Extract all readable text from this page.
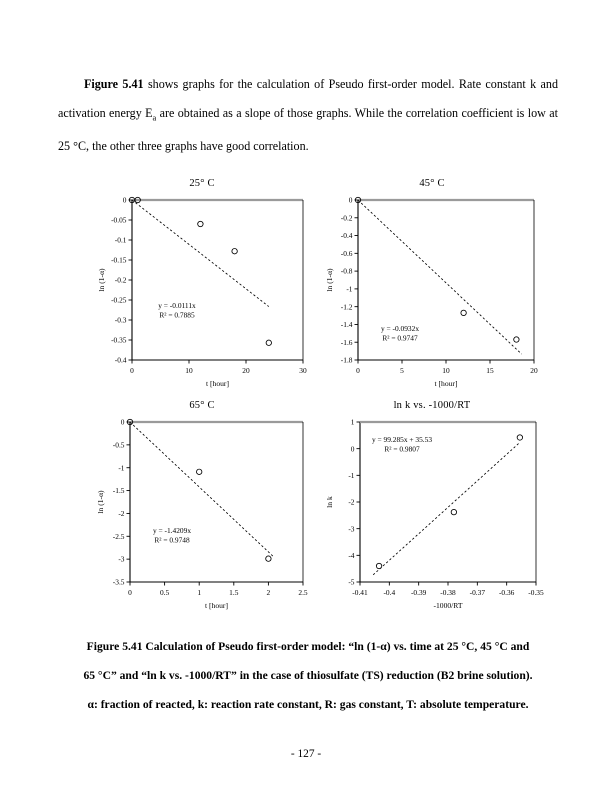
Figure 5.41 shows graphs for the calculation of Pseudo first-order model. Rate constant k and activation energy $E_a$ are obtained as a slope of those graphs. While the correlation coefficient is low at 25 °C, the other three graphs have good correlation.
25° C
0
-0.05
-0.1
-0.15
-0.2
-0.25
-0.3
-0.35
-0.4
0	10	20	30
t [hour]
ln (1-α)
y = -0.0111x
R² = 0.7885
45° C
0
-0.2
-0.4
-0.6
-0.8
-1
-1.2
-1.4
-1.6
-1.8
0	5	10	15	20
t [hour]
ln (1-α)
y = -0.0932x
R² = 0.9747
65° C
0
-0.5
-1
-1.5
-2
-2.5
-3
-3.5
0	0.5	1	1.5	2	2.5
t [hour]
ln (1-α)
y = -1.4209x
R² = 0.9748
ln k vs. -1000/RT
1
0
-1
-2
-3
-4
-5
-0.41 -0.4 -0.39 -0.38 -0.37 -0.36 -0.35
-1000/RT
ln k
y = 99.285x + 35.53
R² = 0.9807
Figure 5.41 Calculation of Pseudo first-order model: “ln (1-α) vs. time at 25 °C, 45 °C and
65 °C” and “ln k vs. -1000/RT” in the case of thiosulfate (TS) reduction (B2 brine solution).
α: fraction of reacted, k: reaction rate constant, R: gas constant, T: absolute temperature.
- 127 -
